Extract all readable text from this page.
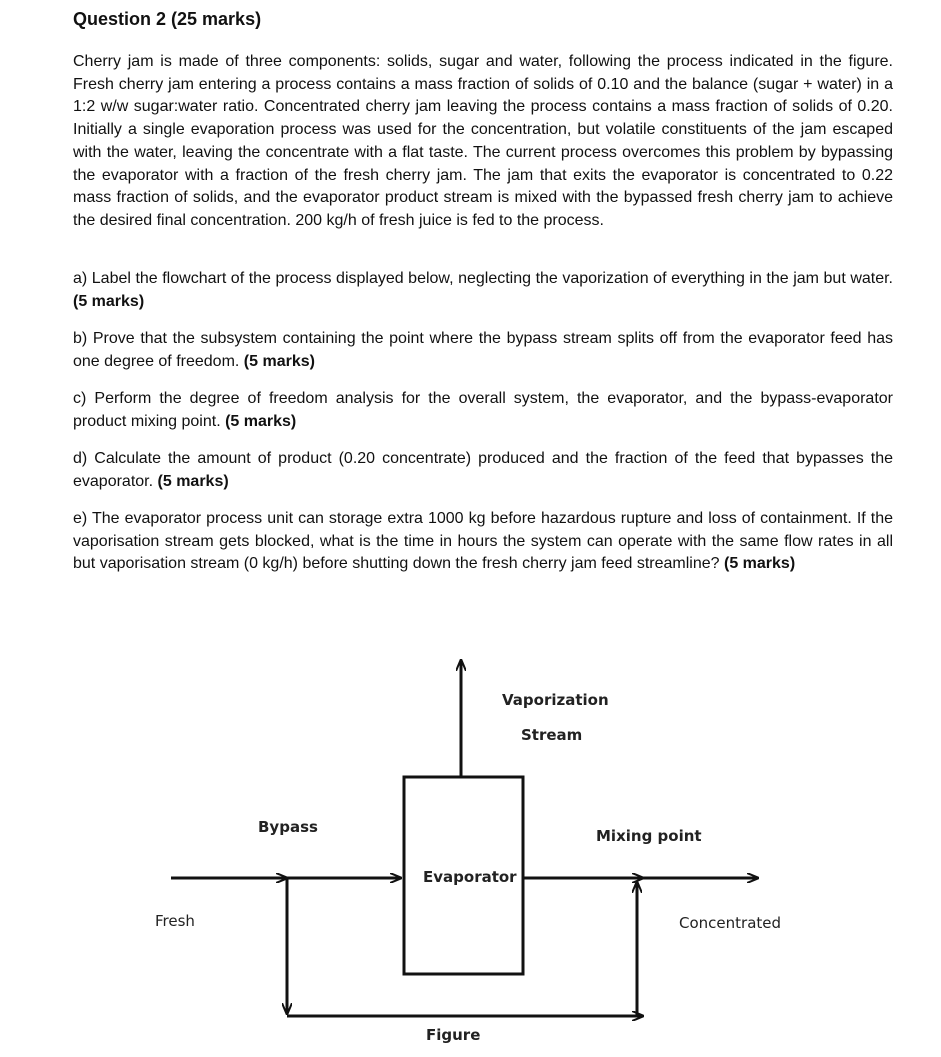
Question 2 (25 marks)

Cherry jam is made of three components: solids, sugar and water, following the process indicated in the figure. Fresh cherry jam entering a process contains a mass fraction of solids of 0.10 and the balance (sugar + water) in a 1:2 w/w sugar:water ratio. Concentrated cherry jam leaving the process contains a mass fraction of solids of 0.20. Initially a single evaporation process was used for the concentration, but volatile constituents of the jam escaped with the water, leaving the concentrate with a flat taste. The current process overcomes this problem by bypassing the evaporator with a fraction of the fresh cherry jam. The jam that exits the evaporator is concentrated to 0.22 mass fraction of solids, and the evaporator product stream is mixed with the bypassed fresh cherry jam to achieve the desired final concentration. 200 kg/h of fresh juice is fed to the process.

a) Label the flowchart of the process displayed below, neglecting the vaporization of everything in the jam but water. (5 marks)

b) Prove that the subsystem containing the point where the bypass stream splits off from the evaporator feed has one degree of freedom. (5 marks)

c) Perform the degree of freedom analysis for the overall system, the evaporator, and the bypass-evaporator product mixing point. (5 marks)

d) Calculate the amount of product (0.20 concentrate) produced and the fraction of the feed that bypasses the evaporator. (5 marks)

e) The evaporator process unit can storage extra 1000 kg before hazardous rupture and loss of containment. If the vaporisation stream gets blocked, what is the time in hours the system can operate with the same flow rates in all but vaporisation stream (0 kg/h) before shutting down the fresh cherry jam feed streamline? (5 marks)

Vaporization
Stream
Bypass	Mixing point
Evaporator
Fresh	Concentrated
Figure
